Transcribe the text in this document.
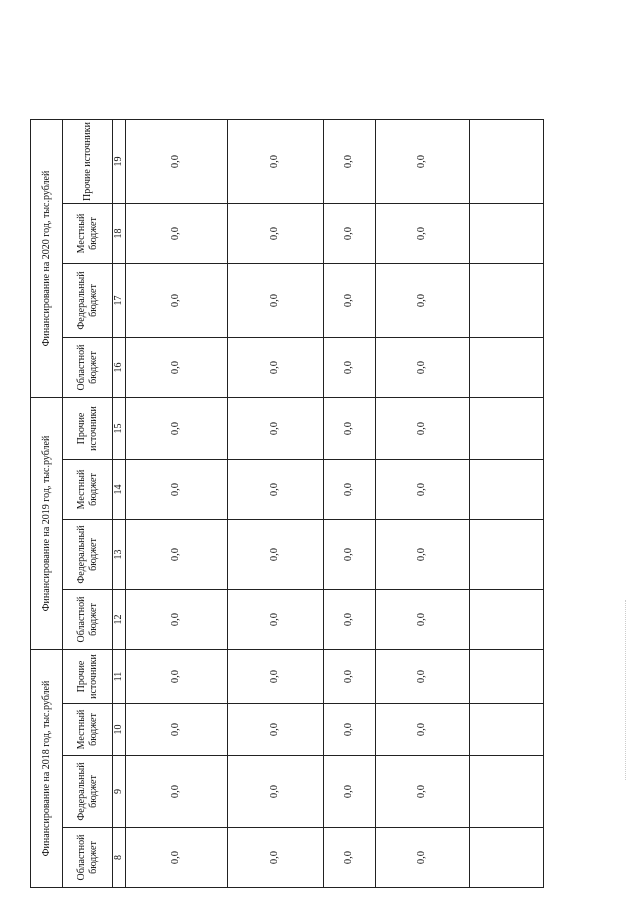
Финансирование на 2018 год, тыс.рублей				Финансирование на 2019 год, тыс.рублей				Финансирование на 2020 год, тыс.рублей			
Областной бюджет	Федеральный бюджет	Местный бюджет	Прочие источники	Областной бюджет	Федеральный бюджет	Местный бюджет	Прочие источники	Областной бюджет	Федеральный бюджет	Местный бюджет	Прочие источники
8	9	10	11	12	13	14	15	16	17	18	19
0,0	0,0	0,0	0,0	0,0	0,0	0,0	0,0	0,0	0,0	0,0	0,0
0,0	0,0	0,0	0,0	0,0	0,0	0,0	0,0	0,0	0,0	0,0	0,0
0,0	0,0	0,0	0,0	0,0	0,0	0,0	0,0	0,0	0,0	0,0	0,0
0,0	0,0	0,0	0,0	0,0	0,0	0,0	0,0	0,0	0,0	0,0	0,0
